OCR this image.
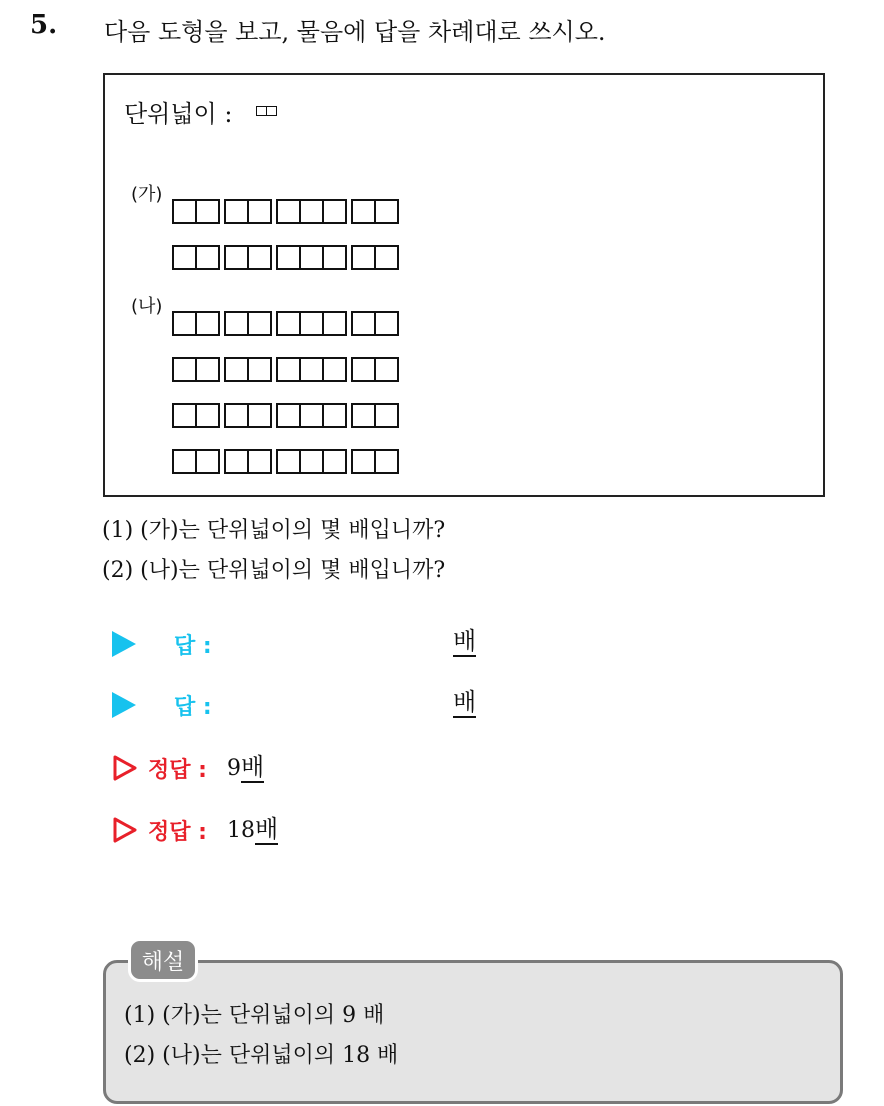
5. 다음 도형을 보고, 물음에 답을 차례대로 쓰시오.
단위넓이 :
(가)
(나)
(1) (가)는 단위넓이의 몇 배입니까?
(2) (나)는 단위넓이의 몇 배입니까?
답 :	배
답 :	배
정답 : 9 배
정답 : 18 배
해설
(1) (가)는 단위넓이의 9 배
(2) (나)는 단위넓이의 18 배
